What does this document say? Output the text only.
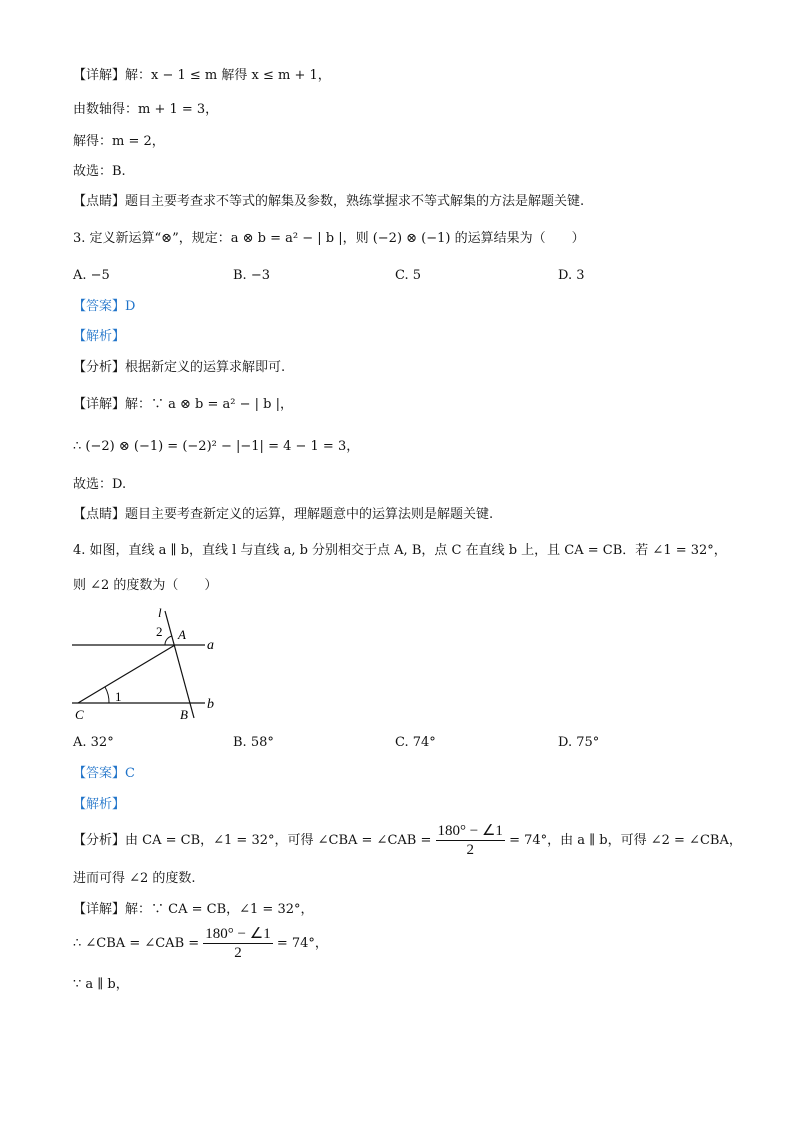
【详解】解：x − 1 ≤ m 解得 x ≤ m + 1，
由数轴得：m + 1 = 3，
解得：m = 2，
故选：B.
【点睛】题目主要考查求不等式的解集及参数，熟练掌握求不等式解集的方法是解题关键.
3. 定义新运算“⊗”，规定：a ⊗ b = a² − | b |，则 (−2) ⊗ (−1) 的运算结果为（　　）
A. −5	B. −3	C. 5	D. 3
【答案】D
【解析】
【分析】根据新定义的运算求解即可.
【详解】解：∵ a ⊗ b = a² − | b |，
∴ (−2) ⊗ (−1) = (−2)² − |−1| = 4 − 1 = 3，
故选：D.
【点睛】题目主要考查新定义的运算，理解题意中的运算法则是解题关键.
4. 如图，直线 a ∥ b，直线 l 与直线 a, b 分别相交于点 A, B，点 C 在直线 b 上，且 CA = CB．若 ∠1 = 32°，
则 ∠2 的度数为（　　）
l
2 A
a
1
C	B
b
A. 32°	B. 58°	C. 74°	D. 75°
【答案】C
【解析】
【分析】由 CA = CB，∠1 = 32°，可得 ∠CBA = ∠CAB = $\frac{180^\circ - \angle 1}{2} = 74^\circ$，由 a ∥ b，可得 ∠2 = ∠CBA，
进而可得 ∠2 的度数.
【详解】解：∵ CA = CB，∠1 = 32°，
∴ ∠CBA = ∠CAB = $\frac{180^\circ - \angle 1}{2} = 74^\circ$，
∵ a ∥ b，
